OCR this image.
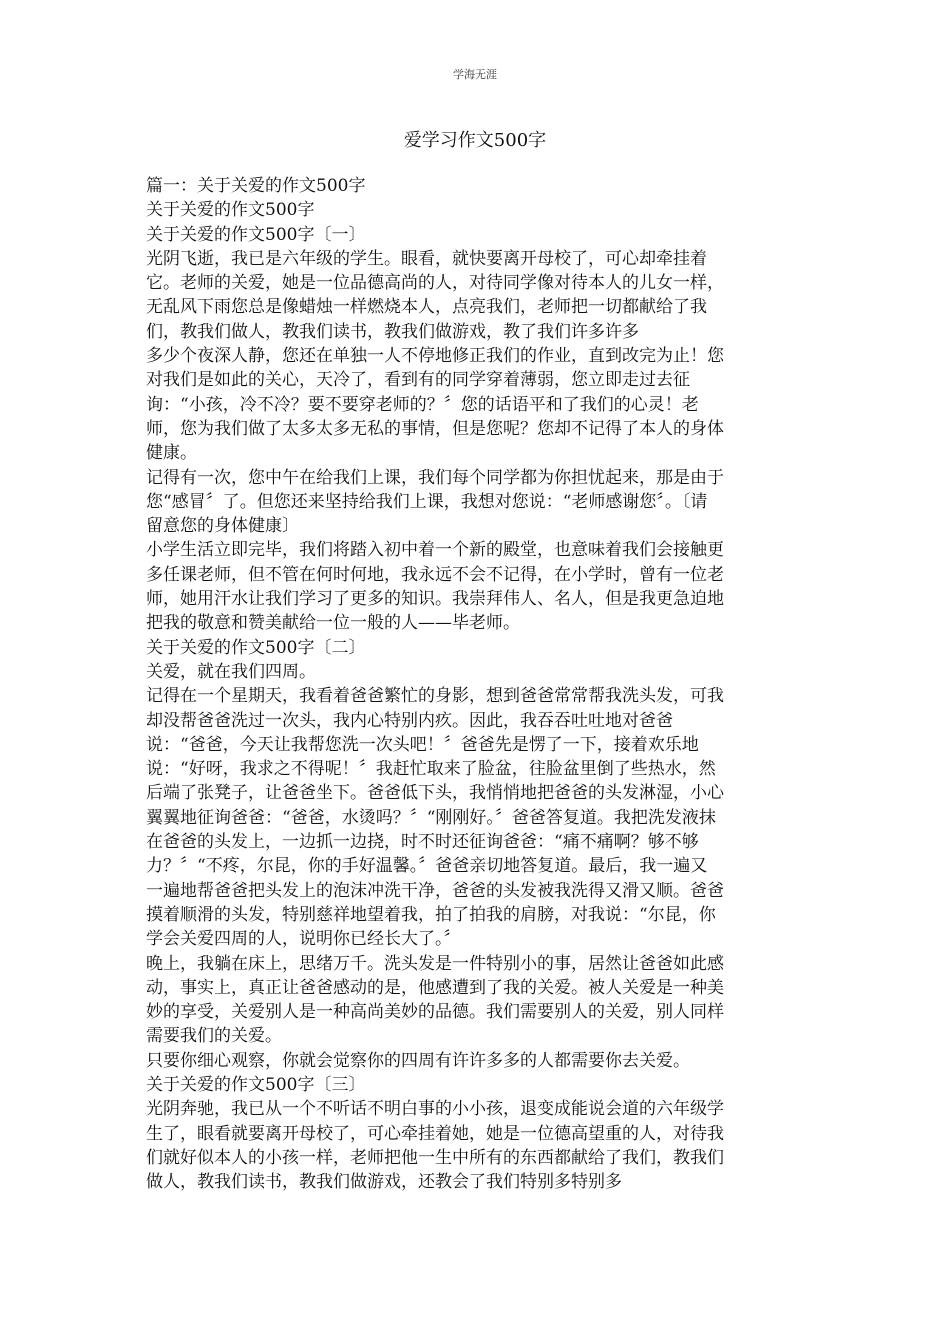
学海无涯
爱学习作文500字
篇一：关于关爱的作文500字
关于关爱的作文500字
关于关爱的作文500字〔一〕
光阴飞逝，我已是六年级的学生。眼看，就快要离开母校了，可心却牵挂着
它。老师的关爱，她是一位品德高尚的人，对待同学像对待本人的儿女一样，
无乱风下雨您总是像蜡烛一样燃烧本人，点亮我们，老师把一切都献给了我
们，教我们做人，教我们读书，教我们做游戏，教了我们许多许多
多少个夜深人静，您还在单独一人不停地修正我们的作业，直到改完为止！您
对我们是如此的关心，天冷了，看到有的同学穿着薄弱，您立即走过去征
询：“小孩，冷不冷？要不要穿老师的？〞您的话语平和了我们的心灵！老
师，您为我们做了太多太多无私的事情，但是您呢？您却不记得了本人的身体
健康。
记得有一次，您中午在给我们上课，我们每个同学都为你担忧起来，那是由于
您“感冒〞了。但您还来坚持给我们上课，我想对您说：“老师感谢您〞。〔请
留意您的身体健康〕
小学生活立即完毕，我们将踏入初中着一个新的殿堂，也意味着我们会接触更
多任课老师，但不管在何时何地，我永远不会不记得，在小学时，曾有一位老
师，她用汗水让我们学习了更多的知识。我崇拜伟人、名人，但是我更急迫地
把我的敬意和赞美献给一位一般的人——毕老师。
关于关爱的作文500字〔二〕
关爱，就在我们四周。
记得在一个星期天，我看着爸爸繁忙的身影，想到爸爸常常帮我洗头发，可我
却没帮爸爸洗过一次头，我内心特别内疚。因此，我吞吞吐吐地对爸爸
说：“爸爸，今天让我帮您洗一次头吧！〞爸爸先是愣了一下，接着欢乐地
说：“好呀，我求之不得呢！〞我赶忙取来了脸盆，往脸盆里倒了些热水，然
后端了张凳子，让爸爸坐下。爸爸低下头，我悄悄地把爸爸的头发淋湿，小心
翼翼地征询爸爸：“爸爸，水烫吗？〞“刚刚好。〞爸爸答复道。我把洗发液抹
在爸爸的头发上，一边抓一边挠，时不时还征询爸爸：“痛不痛啊？够不够
力？〞“不疼，尔昆，你的手好温馨。〞爸爸亲切地答复道。最后，我一遍又
一遍地帮爸爸把头发上的泡沫冲洗干净，爸爸的头发被我洗得又滑又顺。爸爸
摸着顺滑的头发，特别慈祥地望着我，拍了拍我的肩膀，对我说：“尔昆，你
学会关爱四周的人，说明你已经长大了。〞
晚上，我躺在床上，思绪万千。洗头发是一件特别小的事，居然让爸爸如此感
动，事实上，真正让爸爸感动的是，他感遭到了我的关爱。被人关爱是一种美
妙的享受，关爱别人是一种高尚美妙的品德。我们需要别人的关爱，别人同样
需要我们的关爱。
只要你细心观察，你就会觉察你的四周有许许多多的人都需要你去关爱。
关于关爱的作文500字〔三〕
光阴奔驰，我已从一个不听话不明白事的小小孩，退变成能说会道的六年级学
生了，眼看就要离开母校了，可心牵挂着她，她是一位德高望重的人，对待我
们就好似本人的小孩一样，老师把他一生中所有的东西都献给了我们，教我们
做人，教我们读书，教我们做游戏，还教会了我们特别多特别多
